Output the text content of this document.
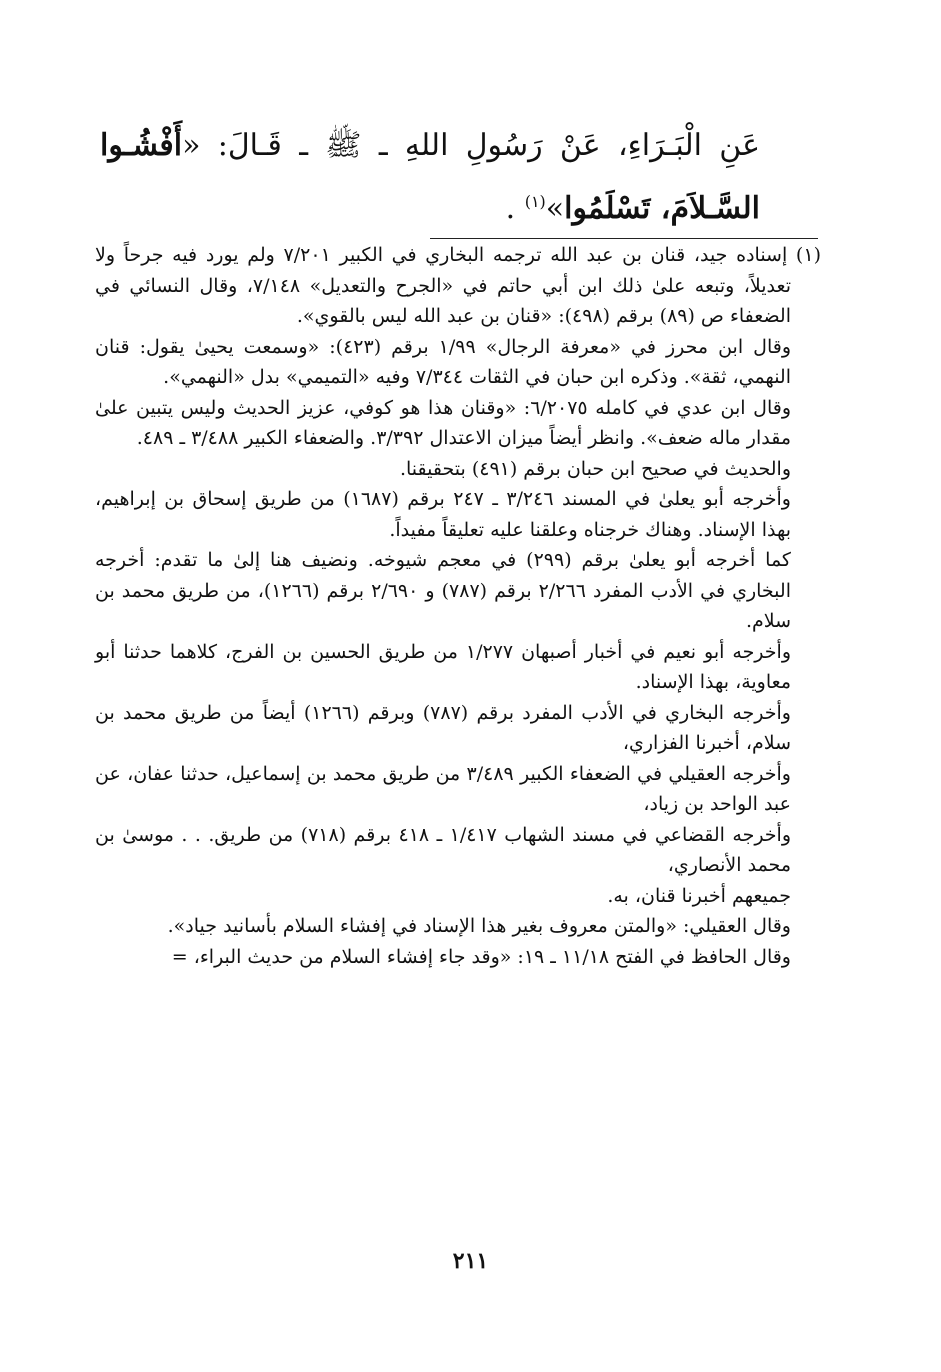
عَنِ الْبَـرَاءِ، عَنْ رَسُولِ اللهِ ـ ﷺ ـ قَـالَ: «أَفْشُـوا السَّـلاَمَ، تَسْلَمُوا»$^{(١)}$ .

(١) إسناده جيد، قنان بن عبد الله ترجمه البخاري في الكبير ٧/٢٠١ ولم يورد فيه جرحاً ولا تعديلاً، وتبعه علىٰ ذلك ابن أبي حاتم في «الجرح والتعديل» ٧/١٤٨، وقال النسائي في الضعفاء ص (٨٩) برقم (٤٩٨): «قنان بن عبد الله ليس بالقوي».

وقال ابن محرز في «معرفة الرجال» ١/٩٩ برقم (٤٢٣): «وسمعت يحيىٰ يقول: قنان النهمي، ثقة». وذكره ابن حبان في الثقات ٧/٣٤٤ وفيه «التميمي» بدل «النهمي».

وقال ابن عدي في كامله ٦/٢٠٧٥: «وقنان هذا هو كوفي، عزيز الحديث وليس يتبين علىٰ مقدار ماله ضعف». وانظر أيضاً ميزان الاعتدال ٣/٣٩٢. والضعفاء الكبير ٣/٤٨٨ ـ ٤٨٩.

والحديث في صحيح ابن حبان برقم (٤٩١) بتحقيقنا.

وأخرجه أبو يعلىٰ في المسند ٣/٢٤٦ ـ ٢٤٧ برقم (١٦٨٧) من طريق إسحاق بن إبراهيم، بهذا الإسناد. وهناك خرجناه وعلقنا عليه تعليقاً مفيداً.

كما أخرجه أبو يعلىٰ برقم (٢٩٩) في معجم شيوخه. ونضيف هنا إلىٰ ما تقدم: أخرجه البخاري في الأدب المفرد ٢/٢٦٦ برقم (٧٨٧) و ٢/٦٩٠ برقم (١٢٦٦)، من طريق محمد بن سلام.

وأخرجه أبو نعيم في أخبار أصبهان ١/٢٧٧ من طريق الحسين بن الفرج، كلاهما حدثنا أبو معاوية، بهذا الإسناد.

وأخرجه البخاري في الأدب المفرد برقم (٧٨٧) وبرقم (١٢٦٦) أيضاً من طريق محمد بن سلام، أخبرنا الفزاري،

وأخرجه العقيلي في الضعفاء الكبير ٣/٤٨٩ من طريق محمد بن إسماعيل، حدثنا عفان، عن عبد الواحد بن زياد،

وأخرجه القضاعي في مسند الشهاب ١/٤١٧ ـ ٤١٨ برقم (٧١٨) من طريق. . . موسىٰ بن محمد الأنصاري،

جميعهم أخبرنا قنان، به.

وقال العقيلي: «والمتن معروف بغير هذا الإسناد في إفشاء السلام بأسانيد جياد».

وقال الحافظ في الفتح ١١/١٨ ـ ١٩: «وقد جاء إفشاء السلام من حديث البراء، =

٢١١
